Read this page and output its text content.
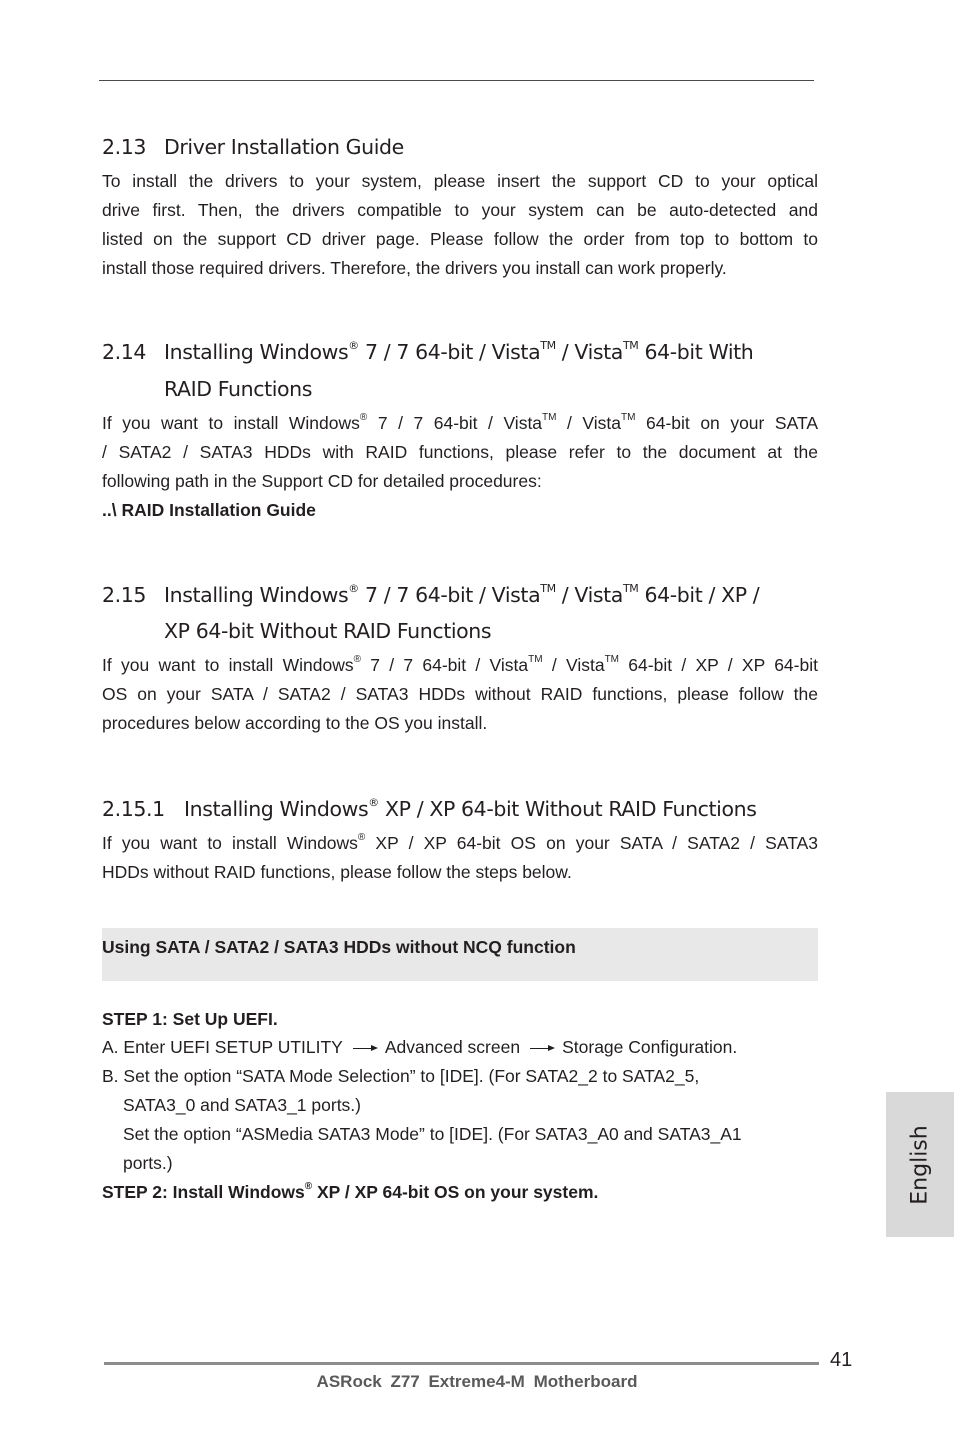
2.13 Driver Installation Guide
To install the drivers to your system, please insert the support CD to your optical
drive first. Then, the drivers compatible to your system can be auto-detected and
listed on the support CD driver page. Please follow the order from top to bottom to
install those required drivers. Therefore, the drivers you install can work properly.
2.14 Installing Windows® 7 / 7 64-bit / Vista™ / Vista™ 64-bit With
RAID Functions
If you want to install Windows® 7 / 7 64-bit / Vista™ / Vista™ 64-bit on your SATA
/ SATA2 / SATA3 HDDs with RAID functions, please refer to the document at the
following path in the Support CD for detailed procedures:
..\ RAID Installation Guide
2.15 Installing Windows® 7 / 7 64-bit / Vista™ / Vista™ 64-bit / XP /
XP 64-bit Without RAID Functions
If you want to install Windows® 7 / 7 64-bit / Vista™ / Vista™ 64-bit / XP / XP 64-bit
OS on your SATA / SATA2 / SATA3 HDDs without RAID functions, please follow the
procedures below according to the OS you install.
2.15.1 Installing Windows® XP / XP 64-bit Without RAID Functions
If you want to install Windows® XP / XP 64-bit OS on your SATA / SATA2 / SATA3
HDDs without RAID functions, please follow the steps below.
Using SATA / SATA2 / SATA3 HDDs without NCQ function
STEP 1: Set Up UEFI.
A. Enter UEFI SETUP UTILITY Advanced screen Storage Configuration.
B. Set the option “SATA Mode Selection” to [IDE]. (For SATA2_2 to SATA2_5,
SATA3_0 and SATA3_1 ports.)
Set the option “ASMedia SATA3 Mode” to [IDE]. (For SATA3_A0 and SATA3_A1
ports.)
STEP 2: Install Windows® XP / XP 64-bit OS on your system.	English
41
ASRock Z77 Extreme4-M Motherboard
